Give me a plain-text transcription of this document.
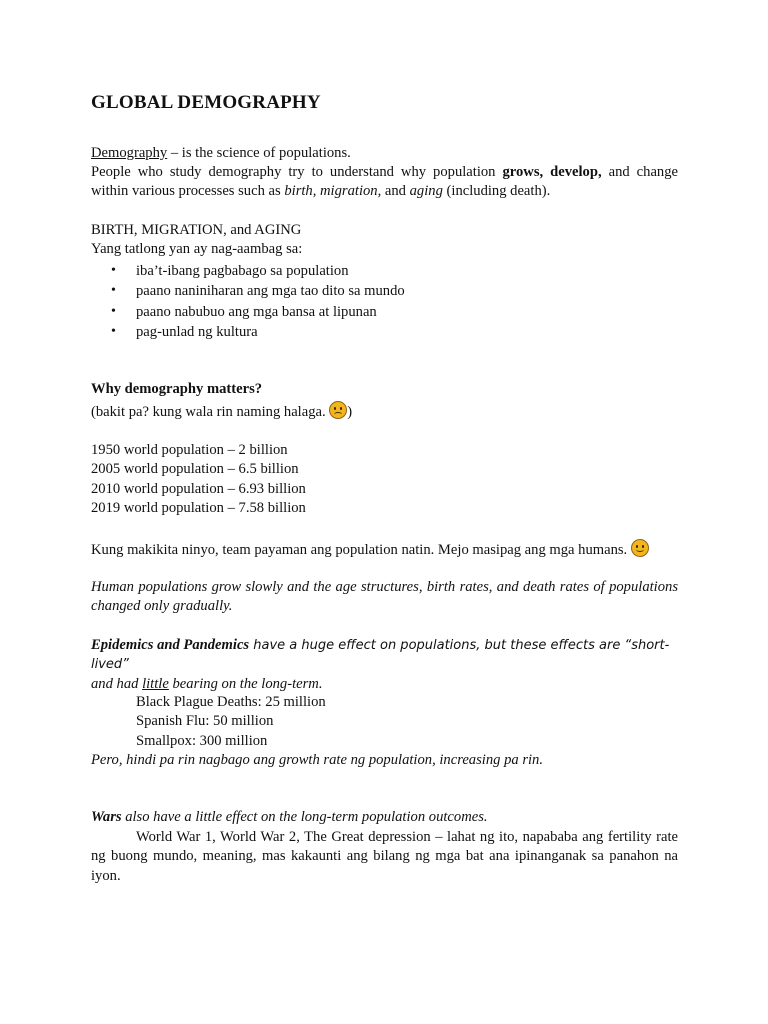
GLOBAL DEMOGRAPHY
Demography – is the science of populations.
People who study demography try to understand why population grows, develop, and change within various processes such as birth, migration, and aging (including death).
BIRTH, MIGRATION, and AGING
Yang tatlong yan ay nag-aambag sa:
• iba’t-ibang pagbabago sa population
• paano naniniharan ang mga tao dito sa mundo
• paano nabubuo ang mga bansa at lipunan
• pag-unlad ng kultura
Why demography matters?
(bakit pa? kung wala rin naming halaga.
)
1950 world population – 2 billion
2005 world population – 6.5 billion
2010 world population – 6.93 billion
2019 world population – 7.58 billion
Kung makikita ninyo, team payaman ang population natin. Mejo masipag ang mga humans.
Human populations grow slowly and the age structures, birth rates, and death rates of populations changed only gradually.
Epidemics and Pandemics have a huge effect on populations, but these effects are “short-lived”
and had little bearing on the long-term.
Black Plague Deaths: 25 million
Spanish Flu: 50 million
Smallpox: 300 million
Pero, hindi pa rin nagbago ang growth rate ng population, increasing pa rin.
Wars also have a little effect on the long-term population outcomes.
World War 1, World War 2, The Great depression – lahat ng ito, napababa ang fertility rate ng buong mundo, meaning, mas kakaunti ang bilang ng mga bat ana ipinanganak sa panahon na iyon.
